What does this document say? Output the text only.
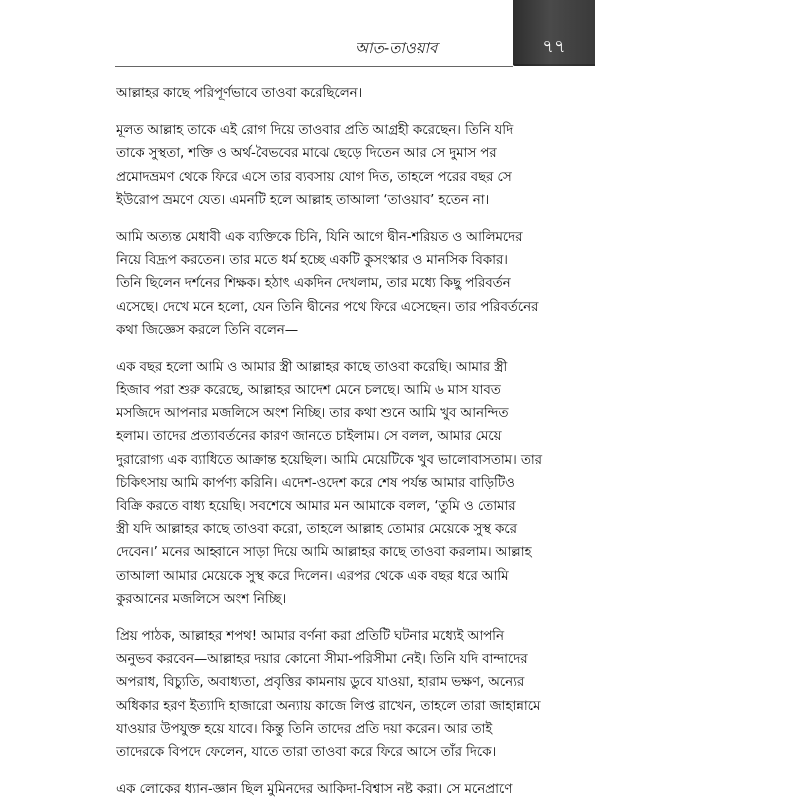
আত-তাওয়াব	৭৭
আল্লাহর কাছে পরিপূর্ণভাবে তাওবা করেছিলেন।
মূলত আল্লাহ তাকে এই রোগ দিয়ে তাওবার প্রতি আগ্রহী করেছেন। তিনি যদি
তাকে সুস্থতা, শক্তি ও অর্থ-বৈভবের মাঝে ছেড়ে দিতেন আর সে দুমাস পর
প্রমোদভ্রমণ থেকে ফিরে এসে তার ব্যবসায় যোগ দিত, তাহলে পরের বছর সে
ইউরোপ ভ্রমণে যেত। এমনটি হলে আল্লাহ তাআলা ‘তাওয়াব’ হতেন না।
আমি অত্যন্ত মেধাবী এক ব্যক্তিকে চিনি, যিনি আগে দ্বীন-শরিয়ত ও আলিমদের
নিয়ে বিদ্রূপ করতেন। তার মতে ধর্ম হচ্ছে একটি কুসংস্কার ও মানসিক বিকার।
তিনি ছিলেন দর্শনের শিক্ষক। হঠাৎ একদিন দেখলাম, তার মধ্যে কিছু পরিবর্তন
এসেছে। দেখে মনে হলো, যেন তিনি দ্বীনের পথে ফিরে এসেছেন। তার পরিবর্তনের
কথা জিজ্ঞেস করলে তিনি বলেন—
এক বছর হলো আমি ও আমার স্ত্রী আল্লাহর কাছে তাওবা করেছি। আমার স্ত্রী
হিজাব পরা শুরু করেছে, আল্লাহর আদেশ মেনে চলছে। আমি ৬ মাস যাবত
মসজিদে আপনার মজলিসে অংশ নিচ্ছি। তার কথা শুনে আমি খুব আনন্দিত
হলাম। তাদের প্রত্যাবর্তনের কারণ জানতে চাইলাম। সে বলল, আমার মেয়ে
দুরারোগ্য এক ব্যাধিতে আক্রান্ত হয়েছিল। আমি মেয়েটিকে খুব ভালোবাসতাম। তার
চিকিৎসায় আমি কার্পণ্য করিনি। এদেশ-ওদেশ করে শেষ পর্যন্ত আমার বাড়িটিও
বিক্রি করতে বাধ্য হয়েছি। সবশেষে আমার মন আমাকে বলল, ‘তুমি ও তোমার
স্ত্রী যদি আল্লাহর কাছে তাওবা করো, তাহলে আল্লাহ তোমার মেয়েকে সুস্থ করে
দেবেন।’ মনের আহ্বানে সাড়া দিয়ে আমি আল্লাহর কাছে তাওবা করলাম। আল্লাহ
তাআলা আমার মেয়েকে সুস্থ করে দিলেন। এরপর থেকে এক বছর ধরে আমি
কুরআনের মজলিসে অংশ নিচ্ছি।
প্রিয় পাঠক, আল্লাহর শপথ! আমার বর্ণনা করা প্রতিটি ঘটনার মধ্যেই আপনি
অনুভব করবেন—আল্লাহর দয়ার কোনো সীমা-পরিসীমা নেই। তিনি যদি বান্দাদের
অপরাধ, বিচ্যুতি, অবাধ্যতা, প্রবৃত্তির কামনায় ডুবে যাওয়া, হারাম ভক্ষণ, অন্যের
অধিকার হরণ ইত্যাদি হাজারো অন্যায় কাজে লিপ্ত রাখেন, তাহলে তারা জাহান্নামে
যাওয়ার উপযুক্ত হয়ে যাবে। কিন্তু তিনি তাদের প্রতি দয়া করেন। আর তাই
তাদেরকে বিপদে ফেলেন, যাতে তারা তাওবা করে ফিরে আসে তাঁর দিকে।
এক লোকের ধ্যান-জ্ঞান ছিল মুমিনদের আকিদা-বিশ্বাস নষ্ট করা। সে মনেপ্রাণে
